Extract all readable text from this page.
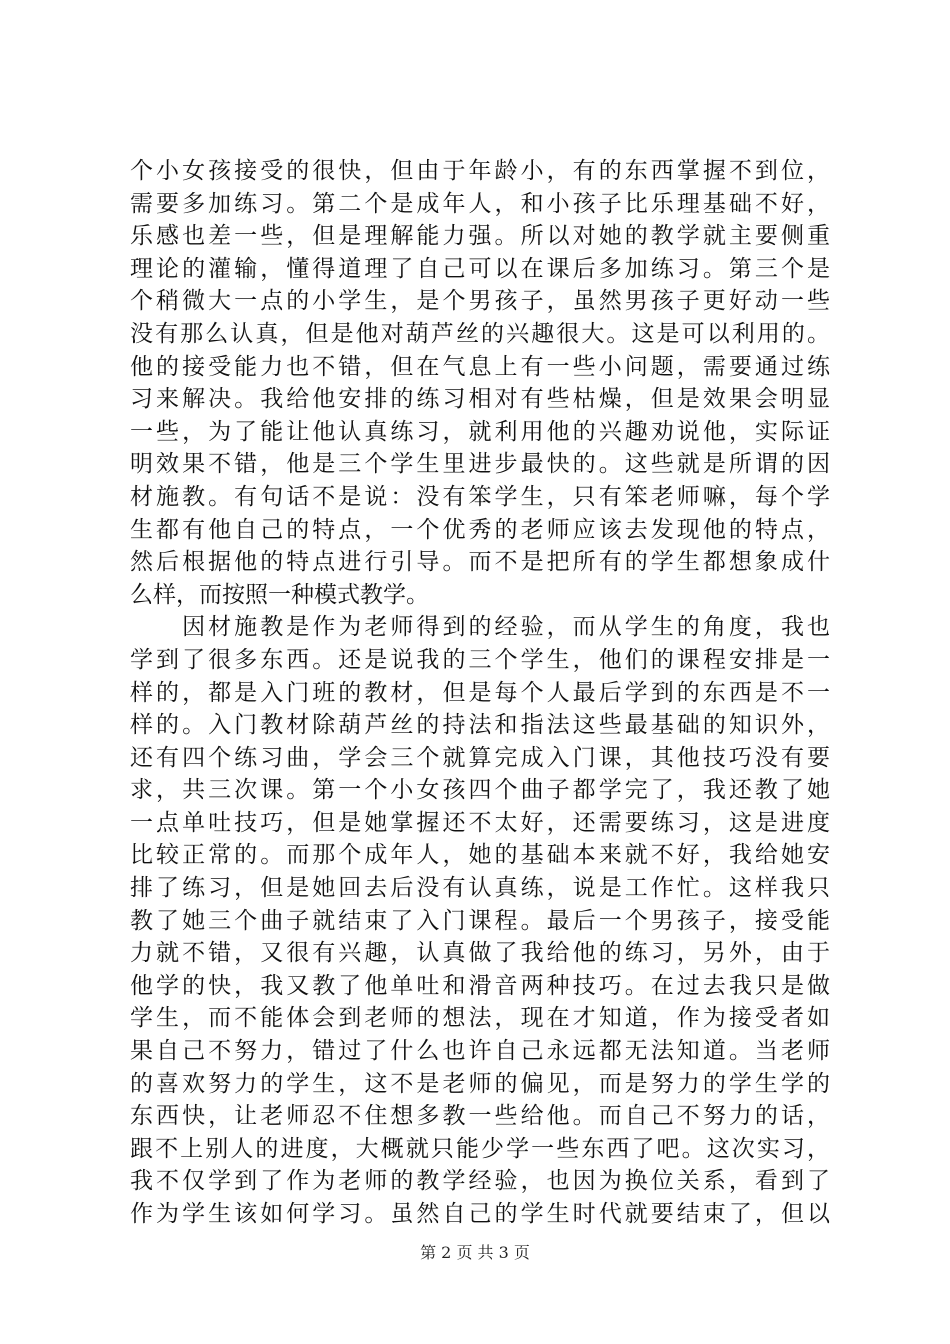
个小女孩接受的很快，但由于年龄小，有的东西掌握不到位，
需要多加练习。第二个是成年人，和小孩子比乐理基础不好，
乐感也差一些，但是理解能力强。所以对她的教学就主要侧重
理论的灌输，懂得道理了自己可以在课后多加练习。第三个是
个稍微大一点的小学生，是个男孩子，虽然男孩子更好动一些
没有那么认真，但是他对葫芦丝的兴趣很大。这是可以利用的。
他的接受能力也不错，但在气息上有一些小问题，需要通过练
习来解决。我给他安排的练习相对有些枯燥，但是效果会明显
一些，为了能让他认真练习，就利用他的兴趣劝说他，实际证
明效果不错，他是三个学生里进步最快的。这些就是所谓的因
材施教。有句话不是说：没有笨学生，只有笨老师嘛，每个学
生都有他自己的特点，一个优秀的老师应该去发现他的特点，
然后根据他的特点进行引导。而不是把所有的学生都想象成什
么样，而按照一种模式教学。
　　因材施教是作为老师得到的经验，而从学生的角度，我也
学到了很多东西。还是说我的三个学生，他们的课程安排是一
样的，都是入门班的教材，但是每个人最后学到的东西是不一
样的。入门教材除葫芦丝的持法和指法这些最基础的知识外，
还有四个练习曲，学会三个就算完成入门课，其他技巧没有要
求，共三次课。第一个小女孩四个曲子都学完了，我还教了她
一点单吐技巧，但是她掌握还不太好，还需要练习，这是进度
比较正常的。而那个成年人，她的基础本来就不好，我给她安
排了练习，但是她回去后没有认真练，说是工作忙。这样我只
教了她三个曲子就结束了入门课程。最后一个男孩子，接受能
力就不错，又很有兴趣，认真做了我给他的练习，另外，由于
他学的快，我又教了他单吐和滑音两种技巧。在过去我只是做
学生，而不能体会到老师的想法，现在才知道，作为接受者如
果自己不努力，错过了什么也许自己永远都无法知道。当老师
的喜欢努力的学生，这不是老师的偏见，而是努力的学生学的
东西快，让老师忍不住想多教一些给他。而自己不努力的话，
跟不上别人的进度，大概就只能少学一些东西了吧。这次实习，
我不仅学到了作为老师的教学经验，也因为换位关系，看到了
作为学生该如何学习。虽然自己的学生时代就要结束了，但以
第 2 页 共 3 页
